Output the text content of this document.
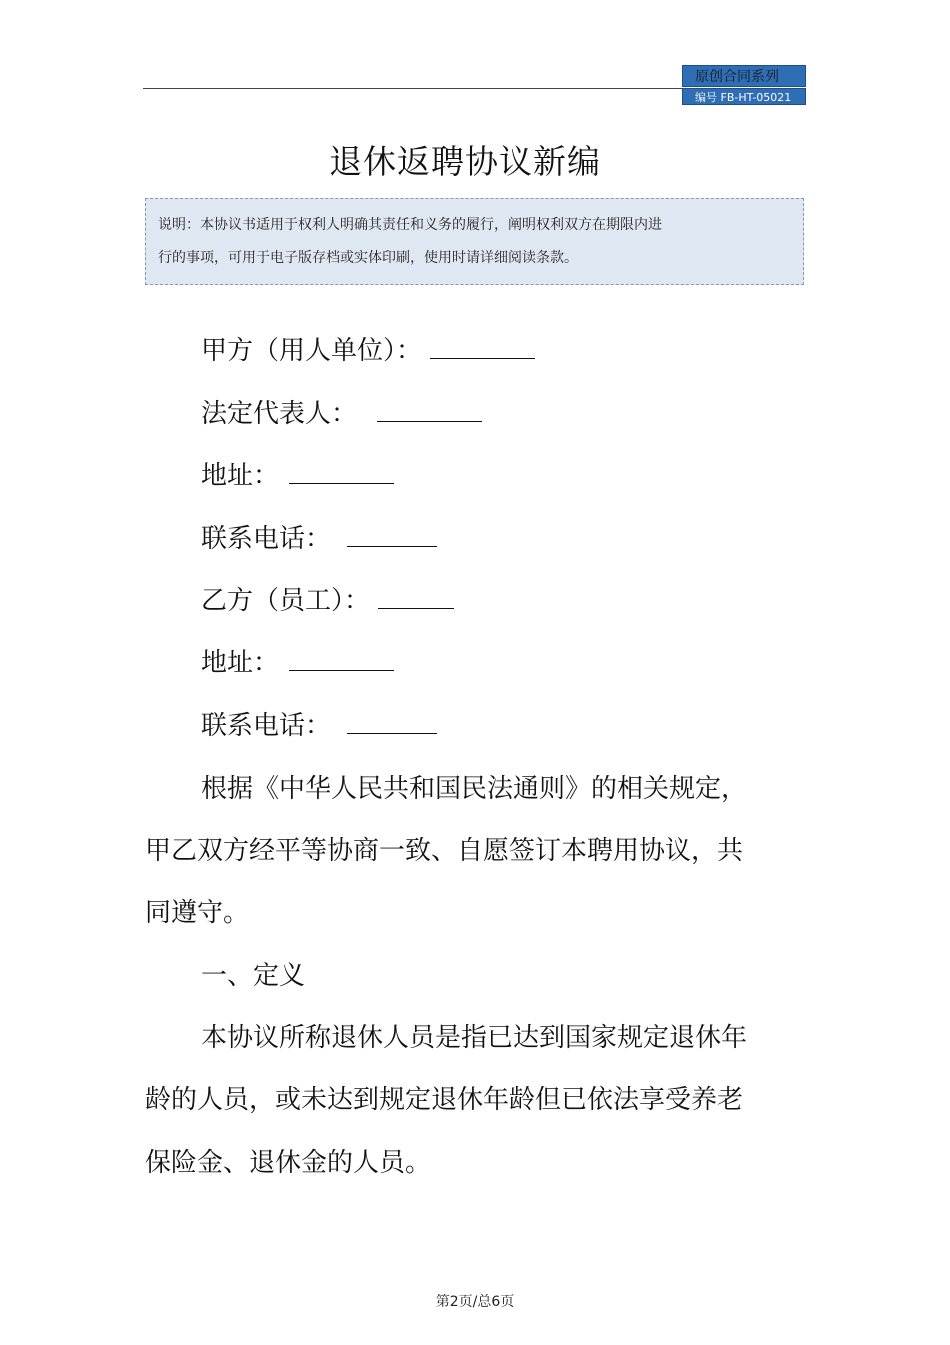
原创合同系列
编号 FB-HT-05021
退休返聘协议新编
说明：本协议书适用于权利人明确其责任和义务的履行，阐明权利双方在期限内进
行的事项，可用于电子版存档或实体印刷，使用时请详细阅读条款。
甲方（用人单位）：
法定代表人：
地址：
联系电话：
乙方（员工）：
地址：
联系电话：
根据《中华人民共和国民法通则》的相关规定，
甲乙双方经平等协商一致、自愿签订本聘用协议，共
同遵守。
一、定义
本协议所称退休人员是指已达到国家规定退休年
龄的人员，或未达到规定退休年龄但已依法享受养老
保险金、退休金的人员。
第2页/总6页
